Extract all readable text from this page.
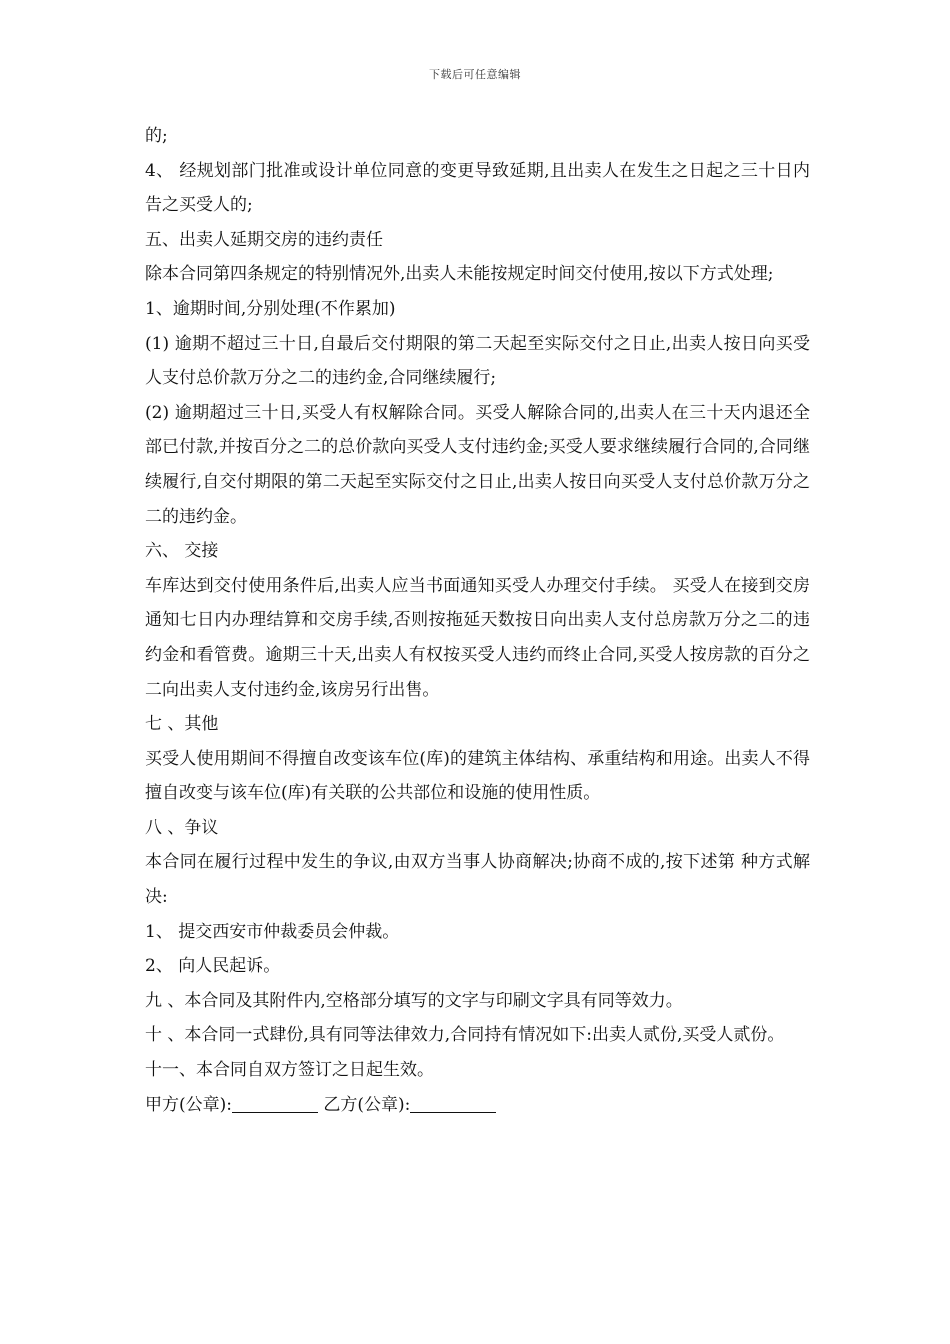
下载后可任意编辑

的;

4、 经规划部门批准或设计单位同意的变更导致延期,且出卖人在发生之日起之三十日内告之买受人的;

五、出卖人延期交房的违约责任

除本合同第四条规定的特别情况外,出卖人未能按规定时间交付使用,按以下方式处理;

1、逾期时间,分别处理(不作累加)

(1) 逾期不超过三十日,自最后交付期限的第二天起至实际交付之日止,出卖人按日向买受人支付总价款万分之二的违约金,合同继续履行;

(2) 逾期超过三十日,买受人有权解除合同。买受人解除合同的,出卖人在三十天内退还全部已付款,并按百分之二的总价款向买受人支付违约金;买受人要求继续履行合同的,合同继续履行,自交付期限的第二天起至实际交付之日止,出卖人按日向买受人支付总价款万分之二的违约金。

六、 交接

车库达到交付使用条件后,出卖人应当书面通知买受人办理交付手续。 买受人在接到交房通知七日内办理结算和交房手续,否则按拖延天数按日向出卖人支付总房款万分之二的违约金和看管费。逾期三十天,出卖人有权按买受人违约而终止合同,买受人按房款的百分之二向出卖人支付违约金,该房另行出售。

七 、其他

买受人使用期间不得擅自改变该车位(库)的建筑主体结构、承重结构和用途。出卖人不得擅自改变与该车位(库)有关联的公共部位和设施的使用性质。

八 、争议

本合同在履行过程中发生的争议,由双方当事人协商解决;协商不成的,按下述第 种方式解决:

1、 提交西安市仲裁委员会仲裁。

2、 向人民起诉。

九 、本合同及其附件内,空格部分填写的文字与印刷文字具有同等效力。

十 、本合同一式肆份,具有同等法律效力,合同持有情况如下:出卖人贰份,买受人贰份。

十一、本合同自双方签订之日起生效。

甲方(公章):	乙方(公章):
